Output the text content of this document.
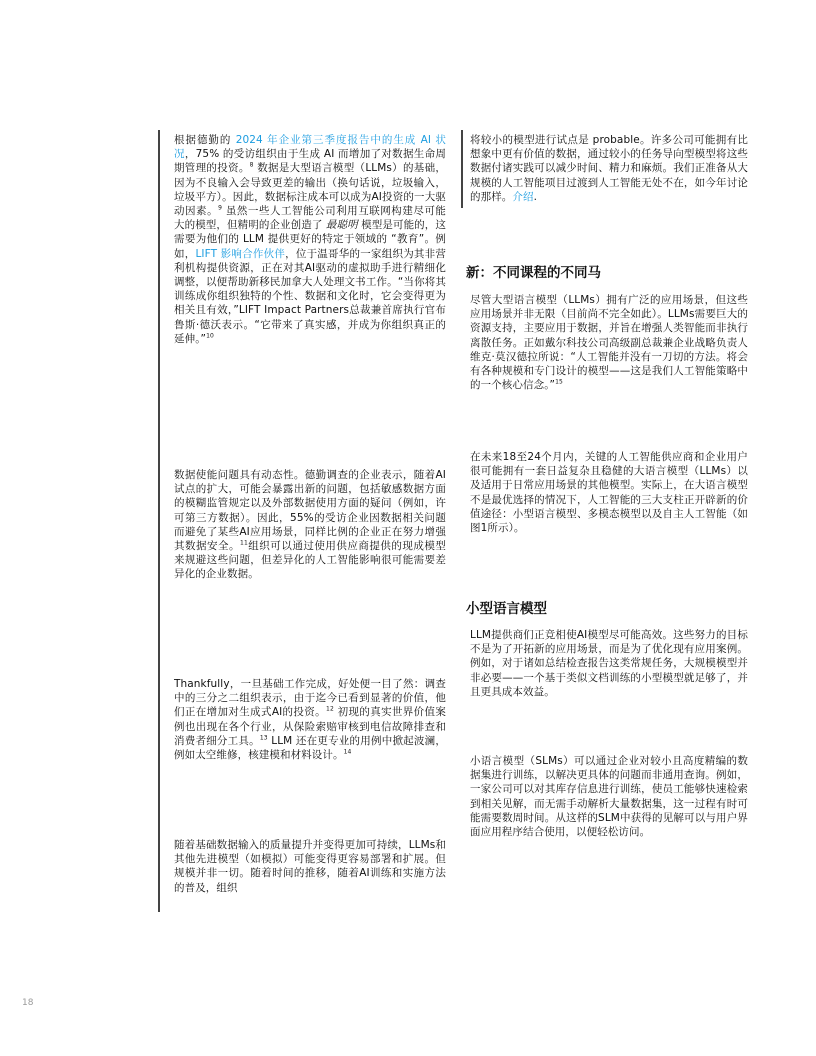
根据德勤的 2024 年企业第三季度报告中的生成 AI 状况，75% 的受访组织由于生成 AI 而增加了对数据生命周期管理的投资。$^8$ 数据是大型语言模型（LLMs）的基础，因为不良输入会导致更差的输出（换句话说，垃圾输入，垃圾平方）。因此，数据标注成本可以成为AI投资的一大驱动因素。$^9$ 虽然一些人工智能公司利用互联网构建尽可能大的模型，但精明的企业创造了 最聪明 模型是可能的，这需要为他们的 LLM 提供更好的特定于领域的 “教育”。例如，LIFT 影响合作伙伴，位于温哥华的一家组织为其非营利机构提供资源，正在对其AI驱动的虚拟助手进行精细化调整，以便帮助新移民加拿大人处理文书工作。“当你将其训练成你组织独特的个性、数据和文化时，它会变得更为相关且有效，”LIFT Impact Partners总裁兼首席执行官布鲁斯·德沃表示。“它带来了真实感，并成为你组织真正的延伸。”$^{10}$

数据使能问题具有动态性。德勤调查的企业表示，随着AI试点的扩大，可能会暴露出新的问题，包括敏感数据方面的模糊监管规定以及外部数据使用方面的疑问（例如，许可第三方数据）。因此，55%的受访企业因数据相关问题而避免了某些AI应用场景，同样比例的企业正在努力增强其数据安全。$^{11}$组织可以通过使用供应商提供的现成模型来规避这些问题，但差异化的人工智能影响很可能需要差异化的企业数据。

Thankfully，一旦基础工作完成，好处便一目了然：调查中的三分之二组织表示，由于迄今已看到显著的价值，他们正在增加对生成式AI的投资。$^{12}$ 初现的真实世界价值案例也出现在各个行业，从保险索赔审核到电信故障排查和消费者细分工具。$^{13}$ LLM 还在更专业的用例中掀起波澜，例如太空维修，核建模和材料设计。$^{14}$

随着基础数据输入的质量提升并变得更加可持续，LLMs和其他先进模型（如模拟）可能变得更容易部署和扩展。但规模并非一切。随着时间的推移，随着AI训练和实施方法的普及，组织

将较小的模型进行试点是 probable。许多公司可能拥有比想象中更有价值的数据，通过较小的任务导向型模型将这些数据付诸实践可以减少时间、精力和麻烦。我们正准备从大规模的人工智能项目过渡到人工智能无处不在，如今年讨论的那样。介绍.

新：不同课程的不同马

尽管大型语言模型（LLMs）拥有广泛的应用场景，但这些应用场景并非无限（目前尚不完全如此）。LLMs需要巨大的资源支持，主要应用于数据，并旨在增强人类智能而非执行离散任务。正如戴尔科技公司高级副总裁兼企业战略负责人维克·莫汉德拉所说：“人工智能并没有一刀切的方法。将会有各种规模和专门设计的模型——这是我们人工智能策略中的一个核心信念。”$^{15}$

在未来18至24个月内，关键的人工智能供应商和企业用户很可能拥有一套日益复杂且稳健的大语言模型（LLMs）以及适用于日常应用场景的其他模型。实际上，在大语言模型不是最优选择的情况下，人工智能的三大支柱正开辟新的价值途径：小型语言模型、多模态模型以及自主人工智能（如图1所示）。

小型语言模型

LLM提供商们正竞相使AI模型尽可能高效。这些努力的目标不是为了开拓新的应用场景，而是为了优化现有应用案例。例如，对于诸如总结检查报告这类常规任务，大规模模型并非必要——一个基于类似文档训练的小型模型就足够了，并且更具成本效益。

小语言模型（SLMs）可以通过企业对较小且高度精编的数据集进行训练，以解决更具体的问题而非通用查询。例如，一家公司可以对其库存信息进行训练，使员工能够快速检索到相关见解，而无需手动解析大量数据集，这一过程有时可能需要数周时间。从这样的SLM中获得的见解可以与用户界面应用程序结合使用，以便轻松访问。

18
